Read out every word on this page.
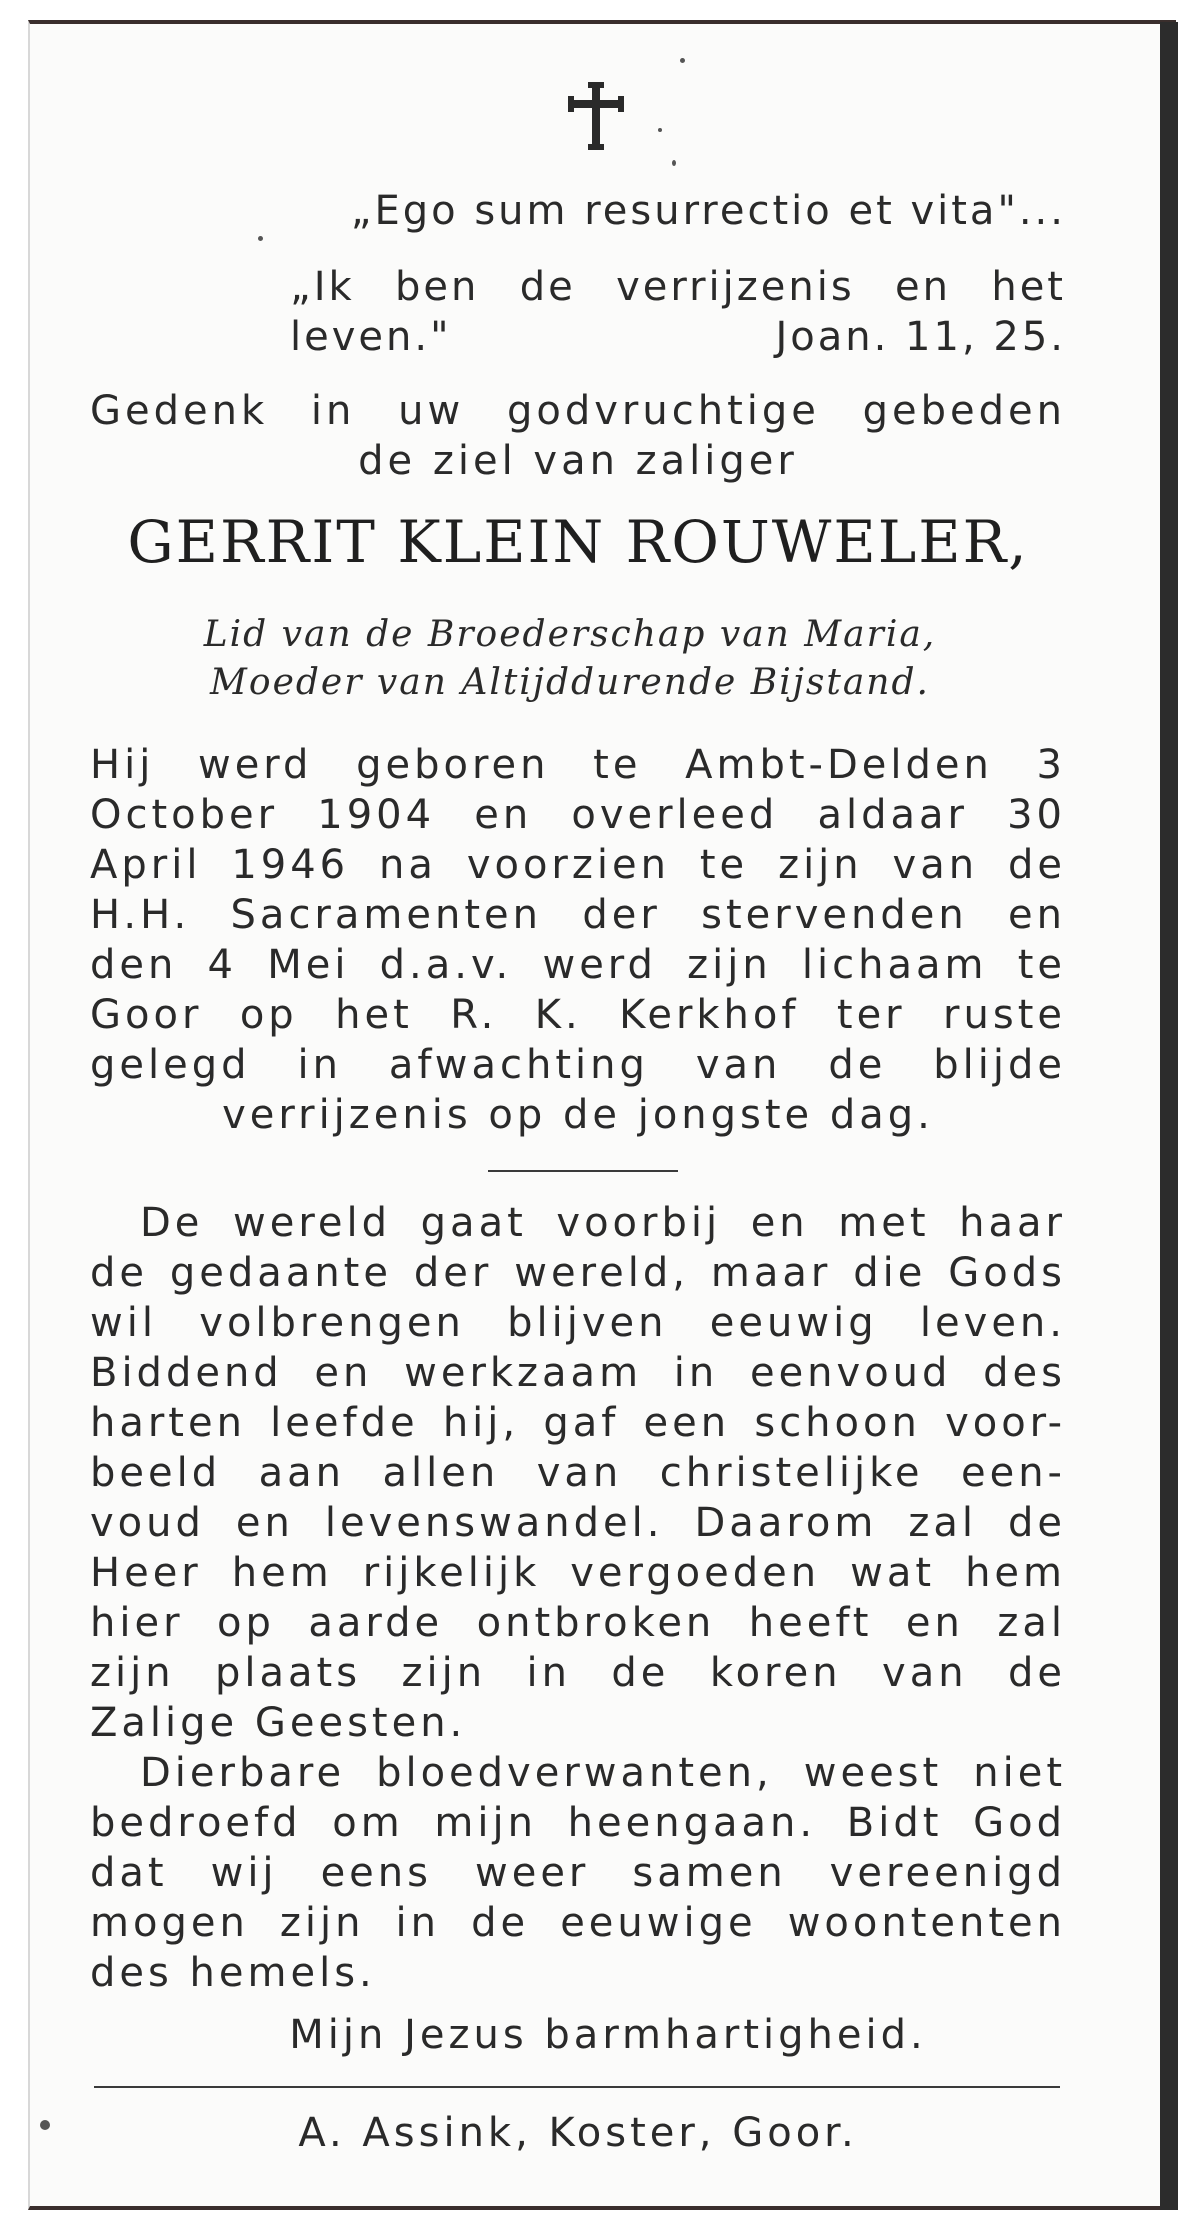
„Ego sum resurrectio et vita"...
„Ik ben de verrijzenis en het
leven."	Joan. 11, 25.
Gedenk in uw godvruchtige gebeden
de ziel van zaliger
GERRIT KLEIN ROUWELER,
Lid van de Broederschap van Maria,
Moeder van Altijddurende Bijstand.
Hij werd geboren te Ambt-Delden 3
October 1904 en overleed aldaar 30
April 1946 na voorzien te zijn van de
H.H. Sacramenten der stervenden en
den 4 Mei d.a.v. werd zijn lichaam te
Goor op het R. K. Kerkhof ter ruste
gelegd in afwachting van de blijde
verrijzenis op de jongste dag.
De wereld gaat voorbij en met haar
de gedaante der wereld, maar die Gods
wil volbrengen blijven eeuwig leven.
Biddend en werkzaam in eenvoud des
harten leefde hij, gaf een schoon voor-
beeld aan allen van christelijke een-
voud en levenswandel. Daarom zal de
Heer hem rijkelijk vergoeden wat hem
hier op aarde ontbroken heeft en zal
zijn plaats zijn in de koren van de
Zalige Geesten.
Dierbare bloedverwanten, weest niet
bedroefd om mijn heengaan. Bidt God
dat wij eens weer samen vereenigd
mogen zijn in de eeuwige woontenten
des hemels.
Mijn Jezus barmhartigheid.
A. Assink, Koster, Goor.
